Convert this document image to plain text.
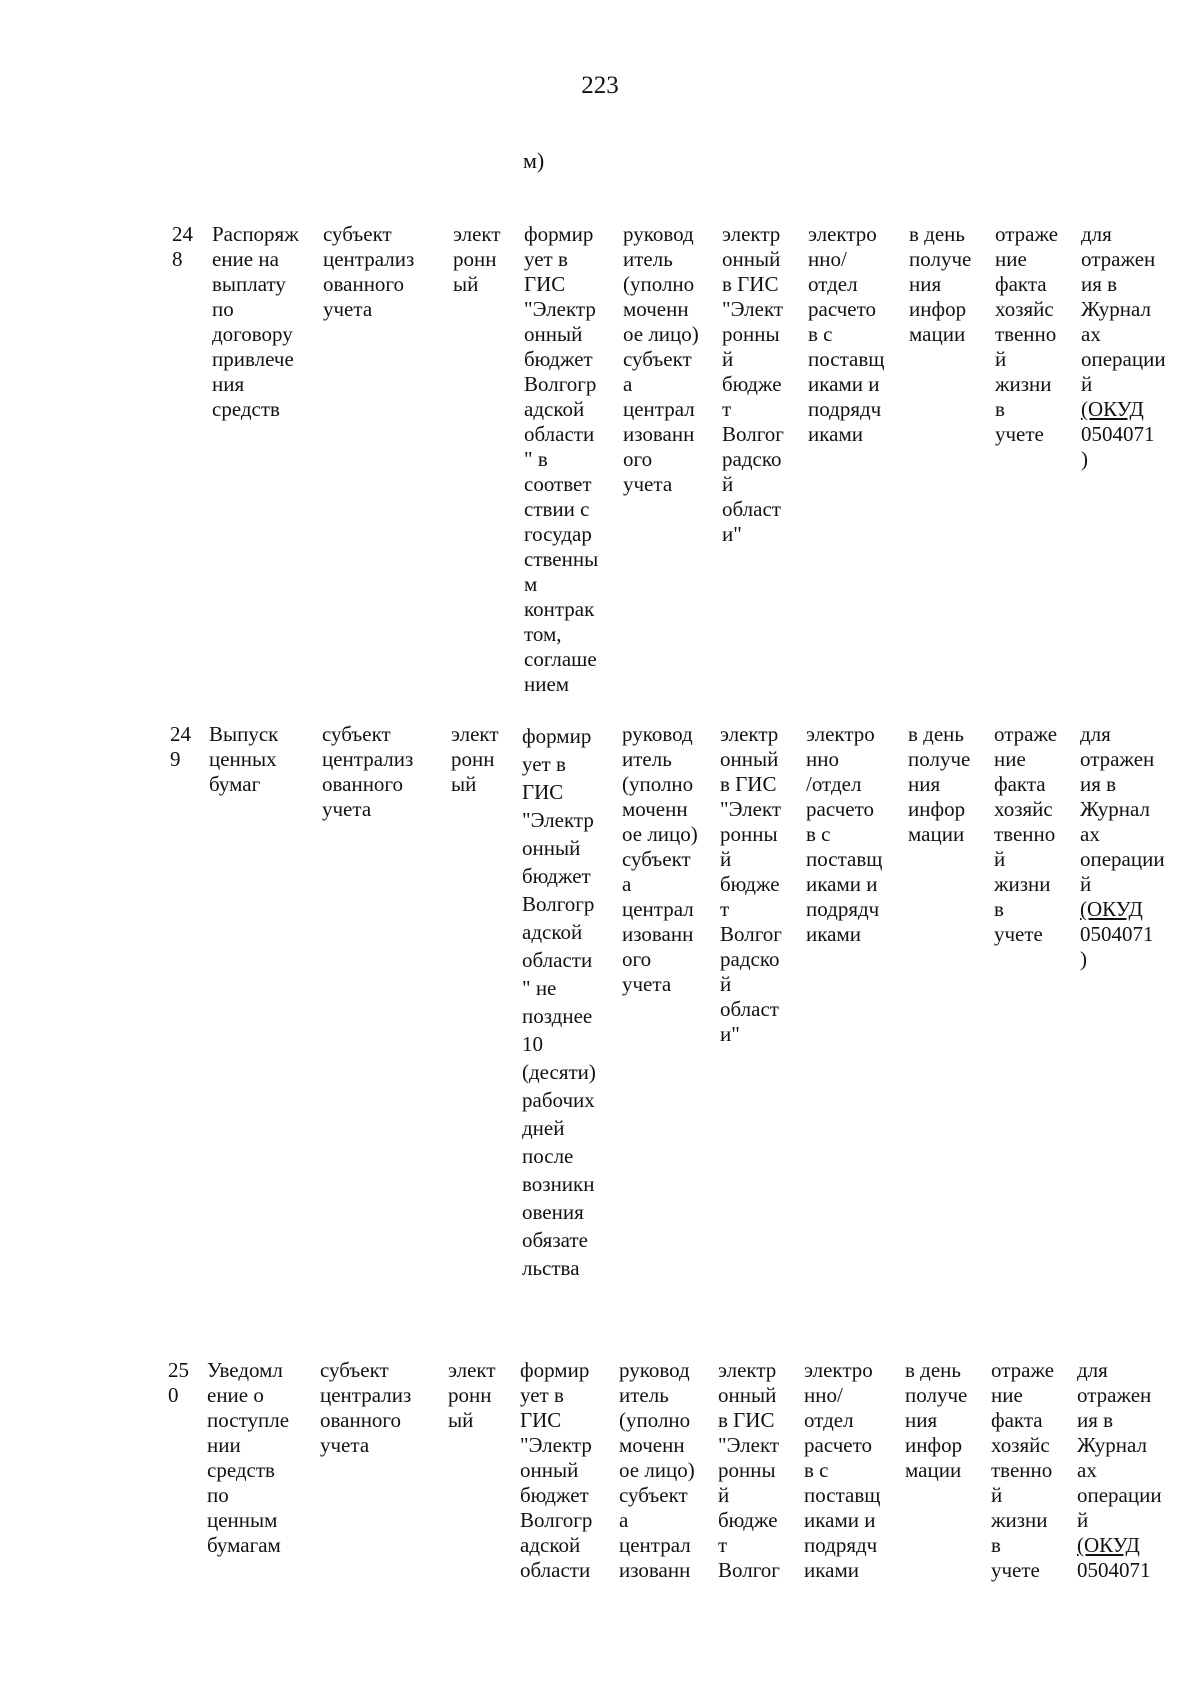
223
м)
24
8
Распоряж
ение на
выплату
по
договору
привлече
ния
средств
субъект
централиз
ованного
учета
элект
ронн
ый
формир
ует в
ГИС
"Электр
онный
бюджет
Волгогр
адской
области
" в
соответ
ствии с
государ
ственны
м
контрак
том,
соглаше
нием
руковод
итель
(уполно
моченн
ое лицо)
субъект
а
централ
изованн
ого
учета
электр
онный
в ГИС
"Элект
ронны
й
бюдже
т
Волгог
радско
й
област
и"
электро
нно/
отдел
расчето
в с
поставщ
иками и
подрядч
иками
в день
получе
ния
инфор
мации
отраже
ние
факта
хозяйс
твенно
й
жизни
в
учете
для
отражен
ия в
Журнал
ах
операции
й
(ОКУД
0504071
)
24
9
Выпуск
ценных
бумаг
субъект
централиз
ованного
учета
элект
ронн
ый
формир
ует в
ГИС
"Электр
онный
бюджет
Волгогр
адской
области
" не
позднее
10
(десяти)
рабочих
дней
после
возникн
овения
обязате
льства
руковод
итель
(уполно
моченн
ое лицо)
субъект
а
централ
изованн
ого
учета
электр
онный
в ГИС
"Элект
ронны
й
бюдже
т
Волгог
радско
й
област
и"
электро
нно
/отдел
расчето
в с
поставщ
иками и
подрядч
иками
в день
получе
ния
инфор
мации
отраже
ние
факта
хозяйс
твенно
й
жизни
в
учете
для
отражен
ия в
Журнал
ах
операции
й
(ОКУД
0504071
)
25
0
Уведомл
ение о
поступле
нии
средств
по
ценным
бумагам
субъект
централиз
ованного
учета
элект
ронн
ый
формир
ует в
ГИС
"Электр
онный
бюджет
Волгогр
адской
области
руковод
итель
(уполно
моченн
ое лицо)
субъект
а
централ
изованн
электр
онный
в ГИС
"Элект
ронны
й
бюдже
т
Волгог
электро
нно/
отдел
расчето
в с
поставщ
иками и
подрядч
иками
в день
получе
ния
инфор
мации
отраже
ние
факта
хозяйс
твенно
й
жизни
в
учете
для
отражен
ия в
Журнал
ах
операции
й
(ОКУД
0504071
